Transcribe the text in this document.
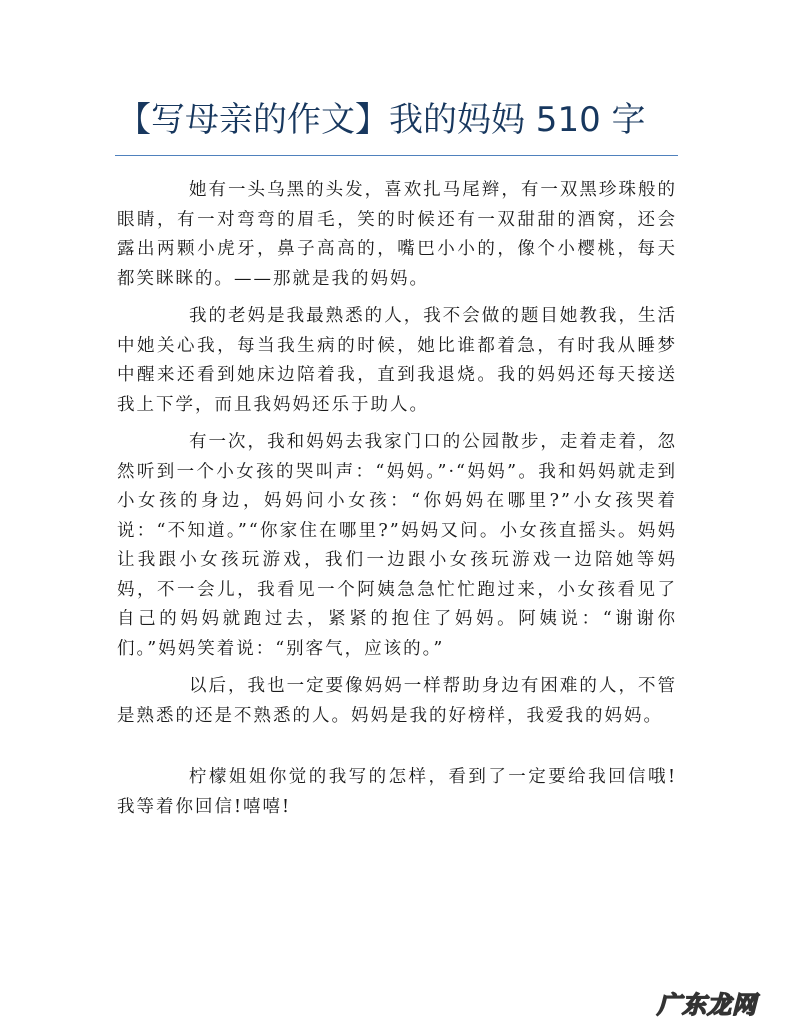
【写母亲的作文】我的妈妈 510 字

她有一头乌黑的头发，喜欢扎马尾辫，有一双黑珍珠般的眼睛，有一对弯弯的眉毛，笑的时候还有一双甜甜的酒窝，还会露出两颗小虎牙，鼻子高高的，嘴巴小小的，像个小樱桃，每天都笑眯眯的。——那就是我的妈妈。

我的老妈是我最熟悉的人，我不会做的题目她教我，生活中她关心我，每当我生病的时候，她比谁都着急，有时我从睡梦中醒来还看到她床边陪着我，直到我退烧。我的妈妈还每天接送我上下学，而且我妈妈还乐于助人。

有一次，我和妈妈去我家门口的公园散步，走着走着，忽然听到一个小女孩的哭叫声：“妈妈。”·“妈妈”。我和妈妈就走到小女孩的身边，妈妈问小女孩：“你妈妈在哪里?”小女孩哭着说：“不知道。”“你家住在哪里?”妈妈又问。小女孩直摇头。妈妈让我跟小女孩玩游戏，我们一边跟小女孩玩游戏一边陪她等妈妈，不一会儿，我看见一个阿姨急急忙忙跑过来，小女孩看见了自己的妈妈就跑过去，紧紧的抱住了妈妈。阿姨说：“谢谢你们。”妈妈笑着说：“别客气，应该的。”

以后，我也一定要像妈妈一样帮助身边有困难的人，不管是熟悉的还是不熟悉的人。妈妈是我的好榜样，我爱我的妈妈。

柠檬姐姐你觉的我写的怎样，看到了一定要给我回信哦!我等着你回信!嘻嘻!

广东龙网
